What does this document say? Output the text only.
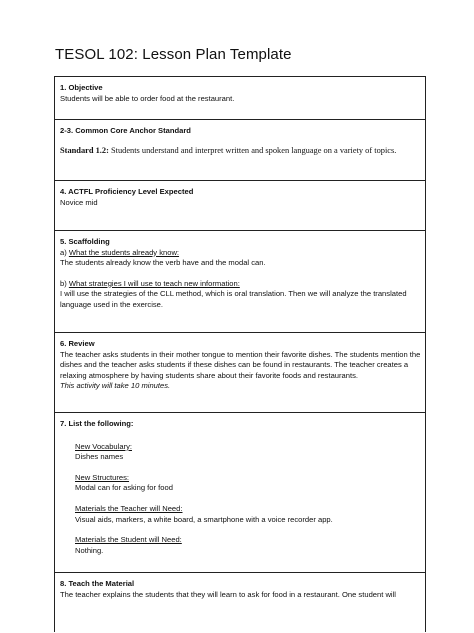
TESOL 102: Lesson Plan Template
1. Objective
Students will be able to order food at the restaurant.
2-3. Common Core Anchor Standard
Standard 1.2: Students understand and interpret written and spoken language on a variety of topics.
4. ACTFL Proficiency Level Expected
Novice mid
5. Scaffolding
a) What the students already know:
The students already know the verb have and the modal can.
b) What strategies I will use to teach new information:
I will use the strategies of the CLL method, which is oral translation. Then we will analyze the translated language used in the exercise.
6. Review
The teacher asks students in their mother tongue to mention their favorite dishes. The students mention the dishes and the teacher asks students if these dishes can be found in restaurants. The teacher creates a relaxing atmosphere by having students share about their favorite foods and restaurants.
This activity will take 10 minutes.
7. List the following:
New Vocabulary:
Dishes names
New Structures:
Modal can for asking for food
Materials the Teacher will Need:
Visual aids, markers, a white board, a smartphone with a voice recorder app.
Materials the Student will Need:
Nothing.
8. Teach the Material
The teacher explains the students that they will learn to ask for food in a restaurant. One student will
